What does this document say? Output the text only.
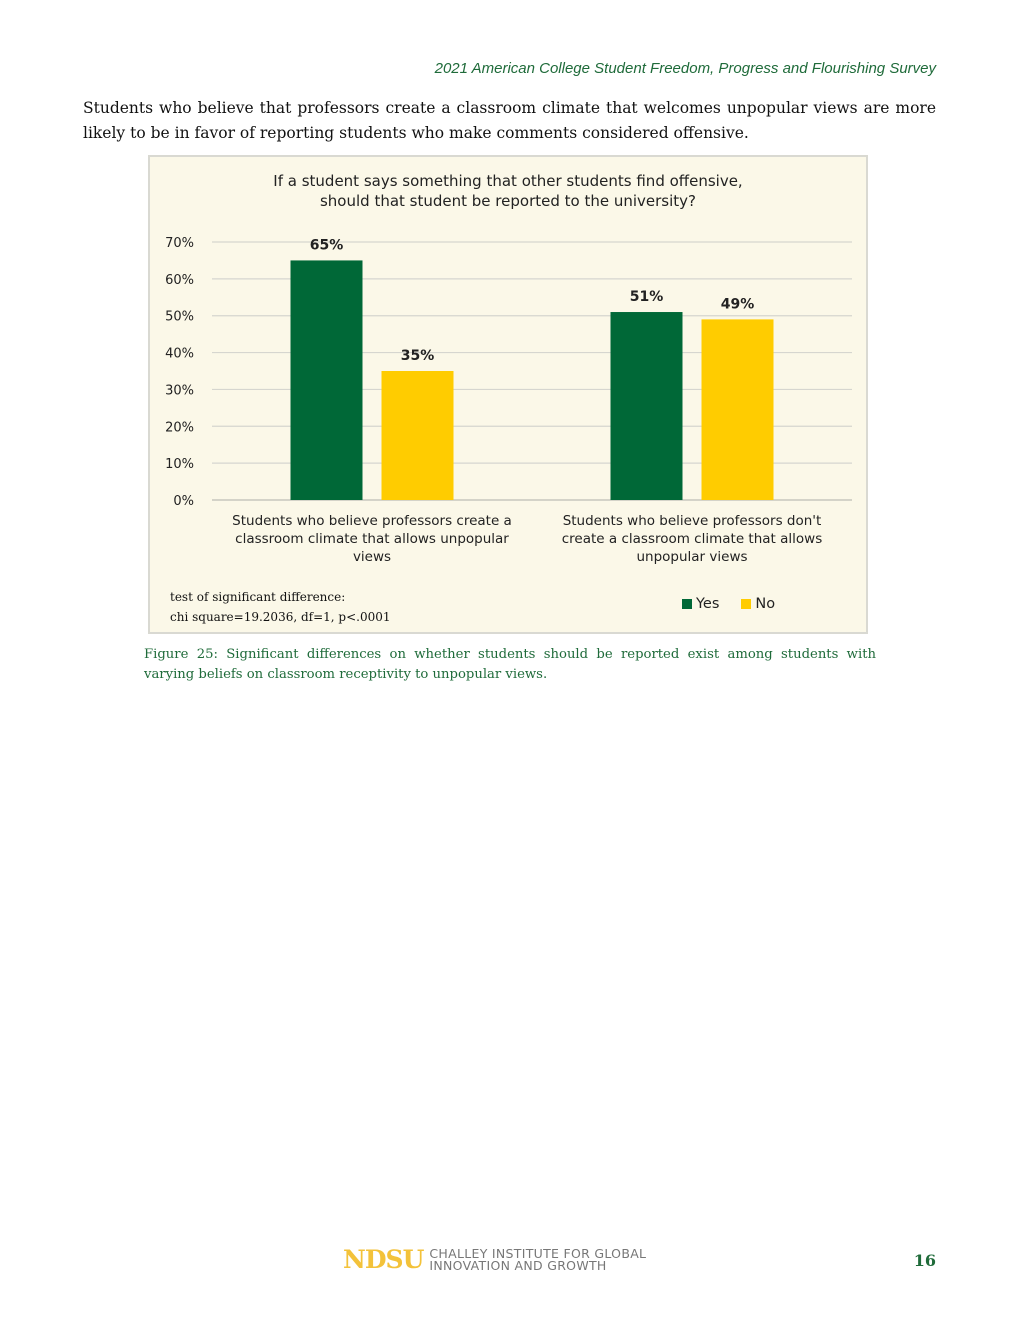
2021 American College Student Freedom, Progress and Flourishing Survey

Students who believe that professors create a classroom climate that welcomes unpopular views are more likely to be in favor of reporting students who make comments considered offensive.

If a student says something that other students find offensive,
should that student be reported to the university?
0%
10%
20%
30%
40%
50%
60%
70%	65%
35%
Students who believe professors create a
classroom climate that allows unpopular
views
51%	49%
Students who believe professors don't
create a classroom climate that allows
unpopular views
test of significant difference:
chi square=19.2036, df=1, p<.0001
Yes No

Figure 25: Significant differences on whether students should be reported exist among students with varying beliefs on classroom receptivity to unpopular views.

NDSU CHALLEY INSTITUTE FOR GLOBAL
INNOVATION AND GROWTH	16
